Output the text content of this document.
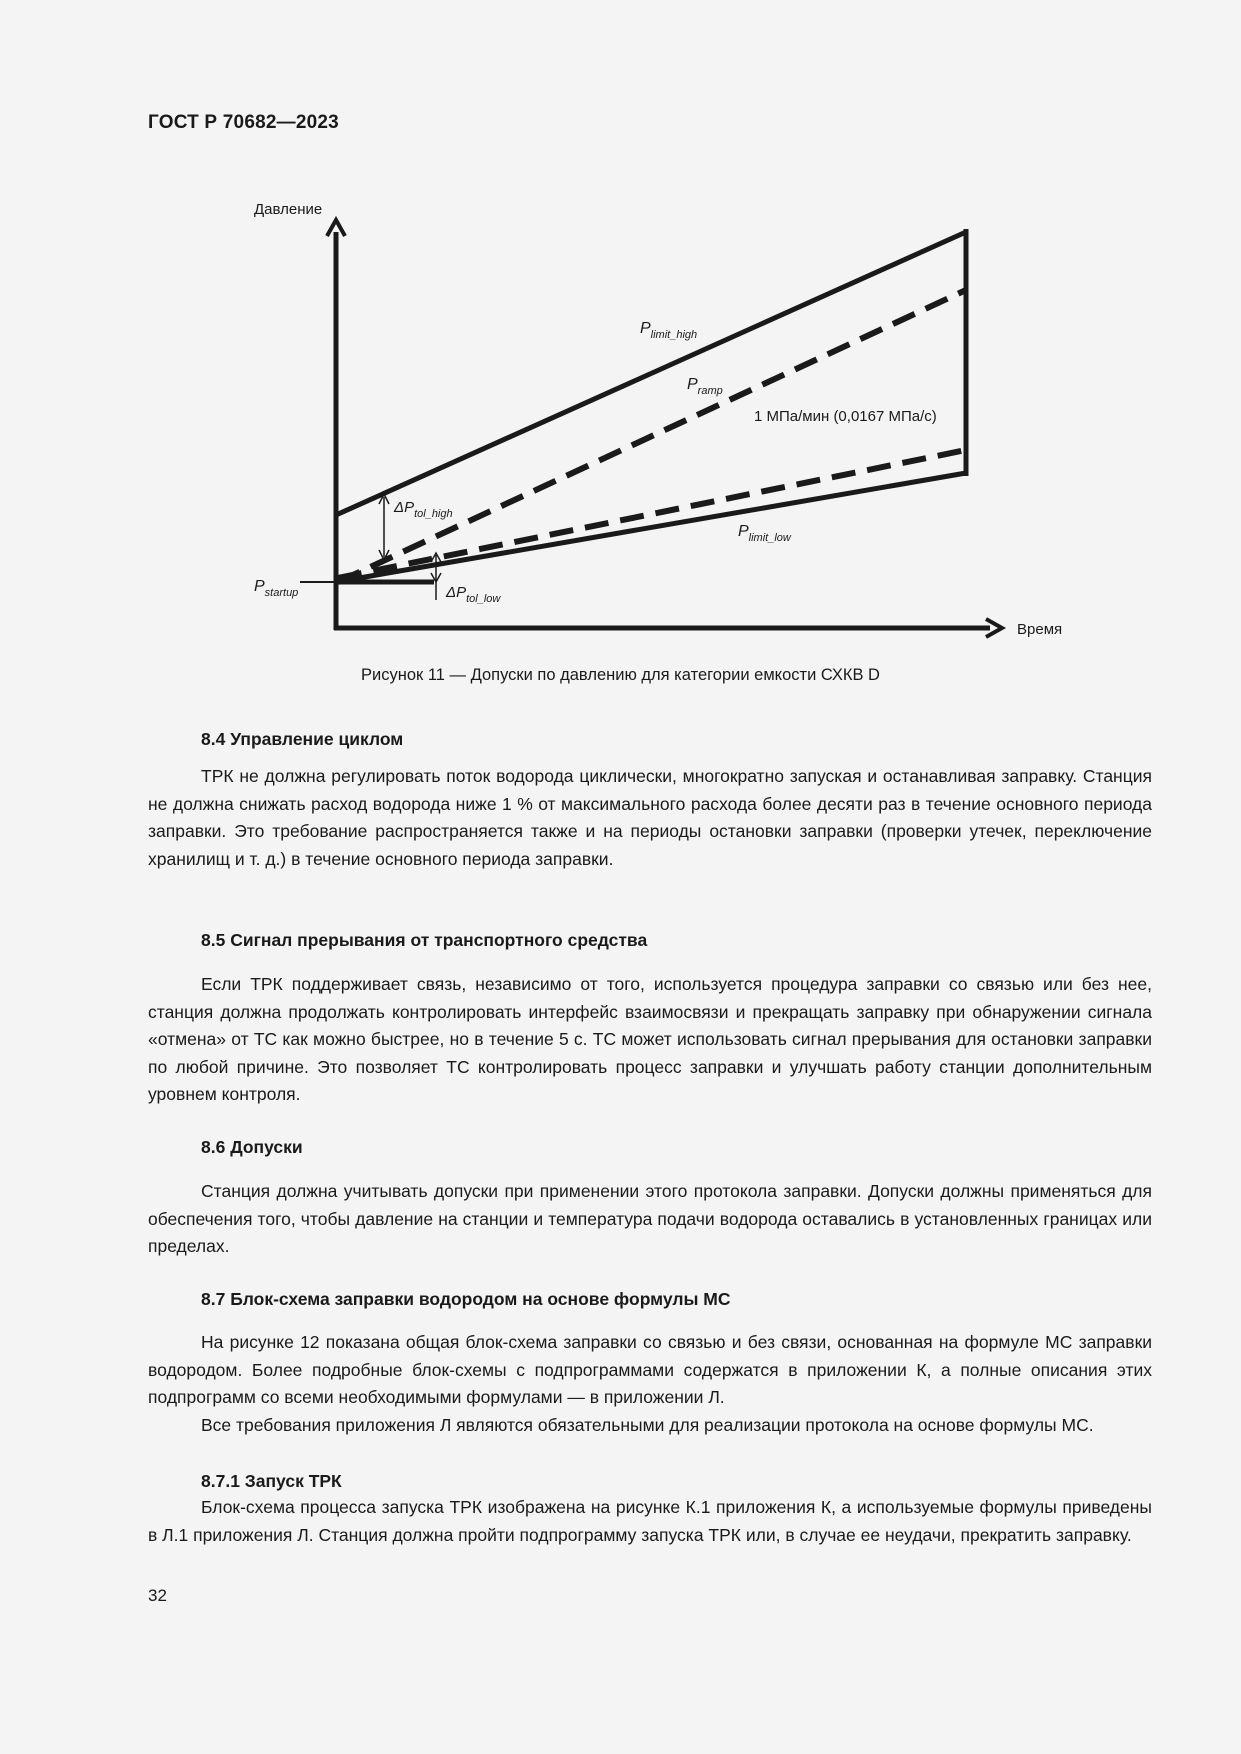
ГОСТ Р 70682—2023
Давление
Время
$P_{limit\_high}$
$P_{ramp}$
1 МПа/мин (0,0167 МПа/с)
$\Delta P_{tol\_high}$
$P_{limit\_low}$
$P_{startup}$	$\Delta P_{tol\_low}$
Рисунок 11 — Допуски по давлению для категории емкости СХКВ D
8.4 Управление циклом

ТРК не должна регулировать поток водорода циклически, многократно запуская и останавливая заправку. Станция не должна снижать расход водорода ниже 1 % от максимального расхода более десяти раз в течение основного периода заправки. Это требование распространяется также и на периоды остановки заправки (проверки утечек, переключение хранилищ и т. д.) в течение основного периода заправки.

8.5 Сигнал прерывания от транспортного средства

Если ТРК поддерживает связь, независимо от того, используется процедура заправки со связью или без нее, станция должна продолжать контролировать интерфейс взаимосвязи и прекращать заправку при обнаружении сигнала «отмена» от ТС как можно быстрее, но в течение 5 с. ТС может использовать сигнал прерывания для остановки заправки по любой причине. Это позволяет ТС контролировать процесс заправки и улучшать работу станции дополнительным уровнем контроля.

8.6 Допуски

Станция должна учитывать допуски при применении этого протокола заправки. Допуски должны применяться для обеспечения того, чтобы давление на станции и температура подачи водорода оставались в установленных границах или пределах.

8.7 Блок-схема заправки водородом на основе формулы МС

На рисунке 12 показана общая блок-схема заправки со связью и без связи, основанная на формуле МС заправки водородом. Более подробные блок-схемы с подпрограммами содержатся в приложении К, а полные описания этих подпрограмм со всеми необходимыми формулами — в приложении Л.

Все требования приложения Л являются обязательными для реализации протокола на основе формулы МС.

8.7.1 Запуск ТРК

Блок-схема процесса запуска ТРК изображена на рисунке К.1 приложения К, а используемые формулы приведены в Л.1 приложения Л. Станция должна пройти подпрограмму запуска ТРК или, в случае ее неудачи, прекратить заправку.

32
